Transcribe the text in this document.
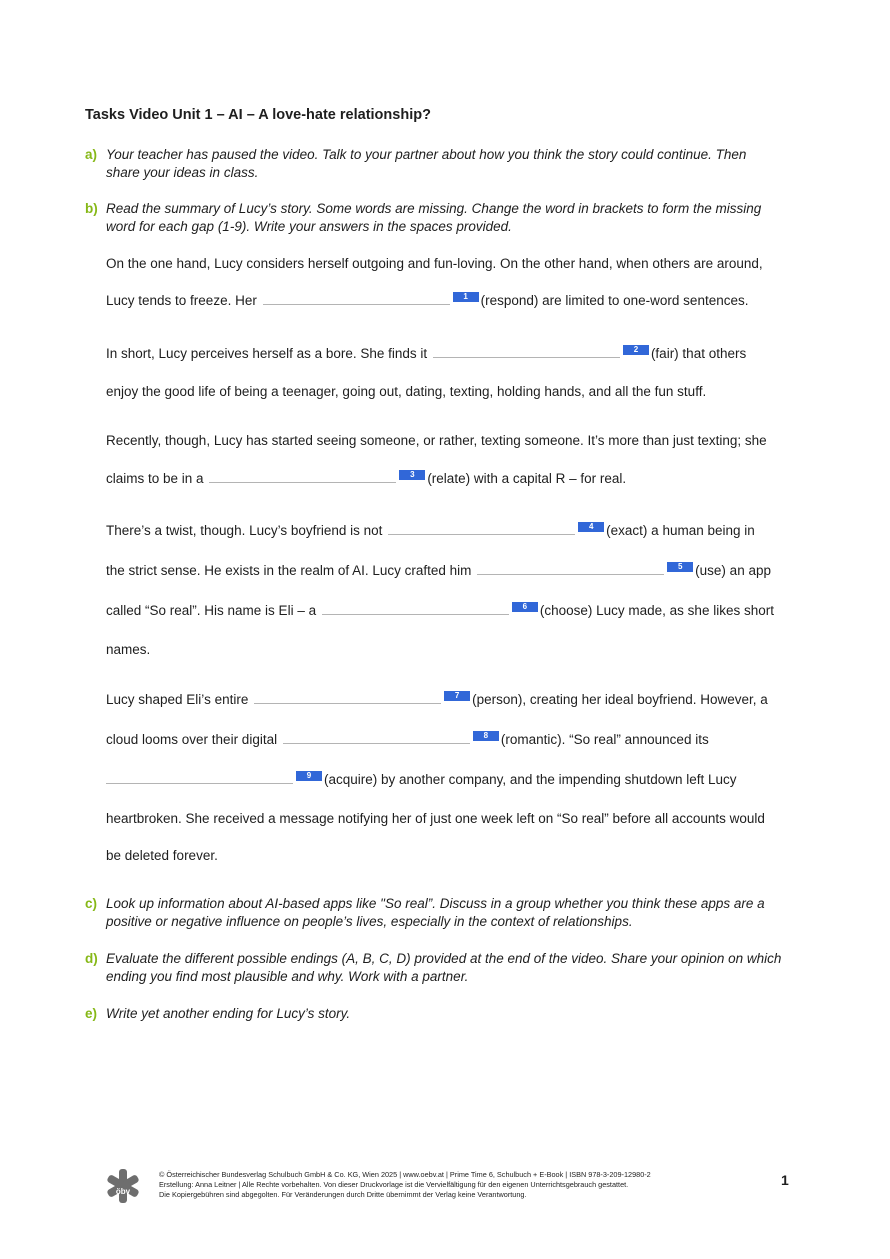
Tasks Video Unit 1 – AI – A love-hate relationship?
a) Your teacher has paused the video. Talk to your partner about how you think the story could continue. Then
share your ideas in class.
b) Read the summary of Lucy’s story. Some words are missing. Change the word in brackets to form the missing
word for each gap (1-9). Write your answers in the spaces provided.
On the one hand, Lucy considers herself outgoing and fun-loving. On the other hand, when others are around,
Lucy tends to freeze. Her	1 (respond) are limited to one-word sentences.
In short, Lucy perceives herself as a bore. She finds it	2 (fair) that others
enjoy the good life of being a teenager, going out, dating, texting, holding hands, and all the fun stuff.
Recently, though, Lucy has started seeing someone, or rather, texting someone. It’s more than just texting; she
claims to be in a	3 (relate) with a capital R – for real.
There’s a twist, though. Lucy’s boyfriend is not	4 (exact) a human being in
the strict sense. He exists in the realm of AI. Lucy crafted him	5 (use) an app
called “So real”. His name is Eli – a	6 (choose) Lucy made, as she likes short
names.
Lucy shaped Eli’s entire	7 (person), creating her ideal boyfriend. However, a
cloud looms over their digital	8 (romantic). “So real” announced its
9 (acquire) by another company, and the impending shutdown left Lucy
heartbroken. She received a message notifying her of just one week left on “So real” before all accounts would
be deleted forever.
c) Look up information about AI-based apps like "So real”. Discuss in a group whether you think these apps are a
positive or negative influence on people’s lives, especially in the context of relationships.
d) Evaluate the different possible endings (A, B, C, D) provided at the end of the video. Share your opinion on which
ending you find most plausible and why. Work with a partner.
e) Write yet another ending for Lucy’s story.
öbv
© Österreichischer Bundesverlag Schulbuch GmbH & Co. KG, Wien 2025 | www.oebv.at | Prime Time 6, Schulbuch + E-Book | ISBN 978-3-209-12980-2
Erstellung: Anna Leitner | Alle Rechte vorbehalten. Von dieser Druckvorlage ist die Vervielfältigung für den eigenen Unterrichtsgebrauch gestattet.
Die Kopiergebühren sind abgegolten. Für Veränderungen durch Dritte übernimmt der Verlag keine Verantwortung.
1
